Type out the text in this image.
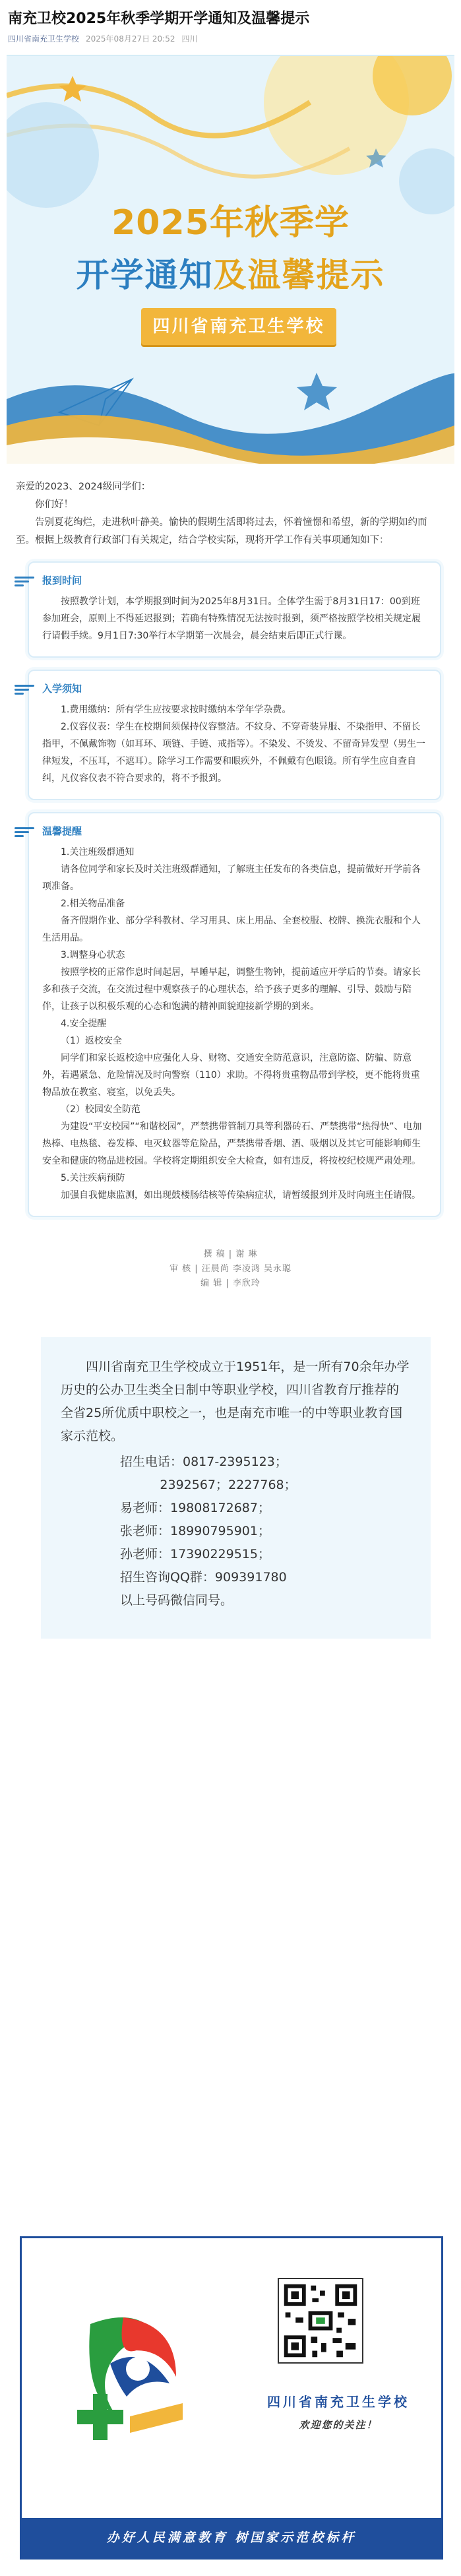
南充卫校2025年秋季学期开学通知及温馨提示
四川省南充卫生学校 2025年08月27日 20:52 四川
2025年秋季学
开学通知及温馨提示
四川省南充卫生学校

亲爱的2023、2024级同学们：

你们好！

告别夏花绚烂，走进秋叶静美。愉快的假期生活即将过去，怀着憧憬和希望，新的学期如约而至。根据上级教育行政部门有关规定，结合学校实际，现将开学工作有关事项通知如下：

报到时间

按照教学计划，本学期报到时间为2025年8月31日。全体学生需于8月31日17：00到班参加班会，原则上不得延迟报到；若确有特殊情况无法按时报到，须严格按照学校相关规定履行请假手续。9月1日7:30举行本学期第一次晨会，晨会结束后即正式行课。

入学须知

1.费用缴纳：所有学生应按要求按时缴纳本学年学杂费。

2.仪容仪表：学生在校期间须保持仪容整洁。不纹身、不穿奇装异服、不染指甲、不留长指甲，不佩戴饰物（如耳环、项链、手链、戒指等）。不染发、不烫发、不留奇异发型（男生一律短发，不压耳，不遮耳）。除学习工作需要和眼疾外，不佩戴有色眼镜。所有学生应自查自纠，凡仪容仪表不符合要求的，将不予报到。

温馨提醒

1.关注班级群通知

请各位同学和家长及时关注班级群通知，了解班主任发布的各类信息，提前做好开学前各项准备。

2.相关物品准备

备齐假期作业、部分学科教材、学习用具、床上用品、全套校服、校牌、换洗衣服和个人生活用品。

3.调整身心状态

按照学校的正常作息时间起居，早睡早起，调整生物钟，提前适应开学后的节奏。请家长多和孩子交流，在交流过程中观察孩子的心理状态，给予孩子更多的理解、引导、鼓励与陪伴，让孩子以积极乐观的心态和饱满的精神面貌迎接新学期的到来。

4.安全提醒

（1）返校安全

同学们和家长返校途中应强化人身、财物、交通安全防范意识，注意防盗、防骗、防意外，若遇紧急、危险情况及时向警察（110）求助。不得将贵重物品带到学校，更不能将贵重物品放在教室、寝室，以免丢失。

（2）校园安全防范

为建设“平安校园”“和谐校园”，严禁携带管制刀具等利器砖石、严禁携带“热得快”、电加热棒、电热毯、卷发棒、电灭蚊器等危险品，严禁携带香烟、酒、吸烟以及其它可能影响师生安全和健康的物品进校园。学校将定期组织安全大检查，如有违反，将按校纪校规严肃处理。

5.关注疾病预防

加强自我健康监测，如出现鼓楼肠结核等传染病症状，请暂缓报到并及时向班主任请假。

撰 稿 | 谢 琳
审 核 | 汪晨尚 李凌鸿 吴永聪
编 辑 | 李欣玲

四川省南充卫生学校成立于1951年，是一所有70余年办学历史的公办卫生类全日制中等职业学校，四川省教育厅推荐的全省25所优质中职校之一，也是南充市唯一的中等职业教育国家示范校。

招生电话：0817-2395123；
2392567；2227768；
易老师：19808172687；
张老师：18990795901；
孙老师：17390229515；
招生咨询QQ群：909391780
以上号码微信同号。
四川省南充卫生学校
欢迎您的关注！
办好人民满意教育 树国家示范校标杆
